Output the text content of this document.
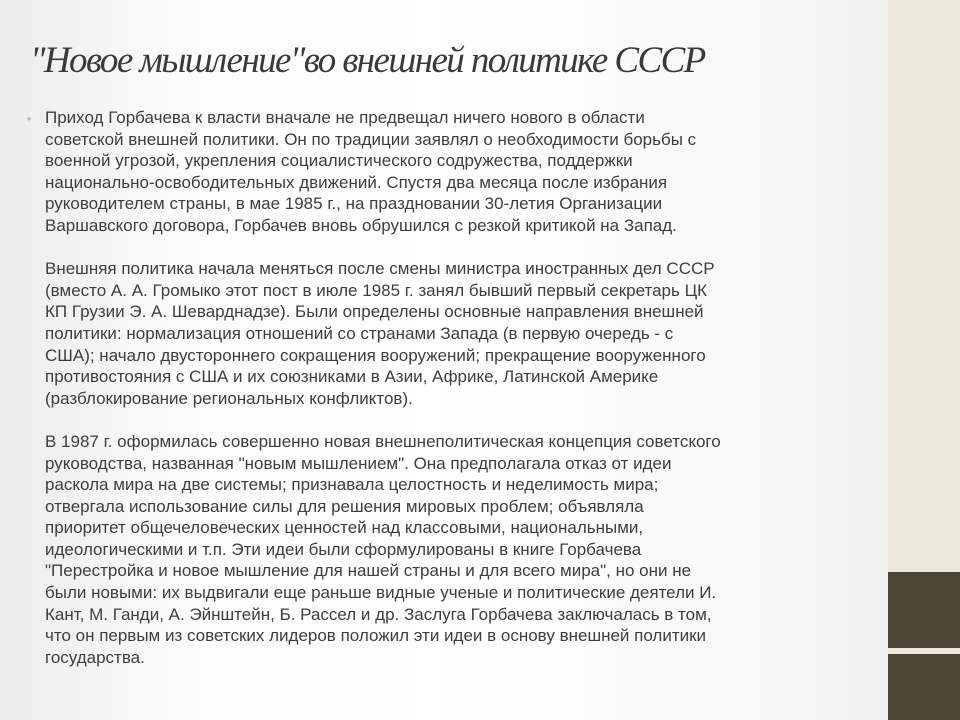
"Новое мышление"во внешней политике СССР
• Приход Горбачева к власти вначале не предвещал ничего нового в области
советской внешней политики. Он по традиции заявлял о необходимости борьбы с
военной угрозой, укрепления социалистического содружества, поддержки
национально-освободительных движений. Спустя два месяца после избрания
руководителем страны, в мае 1985 г., на праздновании 30-летия Организации
Варшавского договора, Горбачев вновь обрушился с резкой критикой на Запад.

Внешняя политика начала меняться после смены министра иностранных дел СССР
(вместо А. А. Громыко этот пост в июле 1985 г. занял бывший первый секретарь ЦК
КП Грузии Э. А. Шеварднадзе). Были определены основные направления внешней
политики: нормализация отношений со странами Запада (в первую очередь - с
США); начало двустороннего сокращения вооружений; прекращение вооруженного
противостояния с США и их союзниками в Азии, Африке, Латинской Америке
(разблокирование региональных конфликтов).

В 1987 г. оформилась совершенно новая внешнеполитическая концепция советского
руководства, названная "новым мышлением". Она предполагала отказ от идеи
раскола мира на две системы; признавала целостность и неделимость мира;
отвергала использование силы для решения мировых проблем; объявляла
приоритет общечеловеческих ценностей над классовыми, национальными,
идеологическими и т.п. Эти идеи были сформулированы в книге Горбачева
"Перестройка и новое мышление для нашей страны и для всего мира", но они не
были новыми: их выдвигали еще раньше видные ученые и политические деятели И.
Кант, М. Ганди, А. Эйнштейн, Б. Рассел и др. Заслуга Горбачева заключалась в том,
что он первым из советских лидеров положил эти идеи в основу внешней политики
государства.
